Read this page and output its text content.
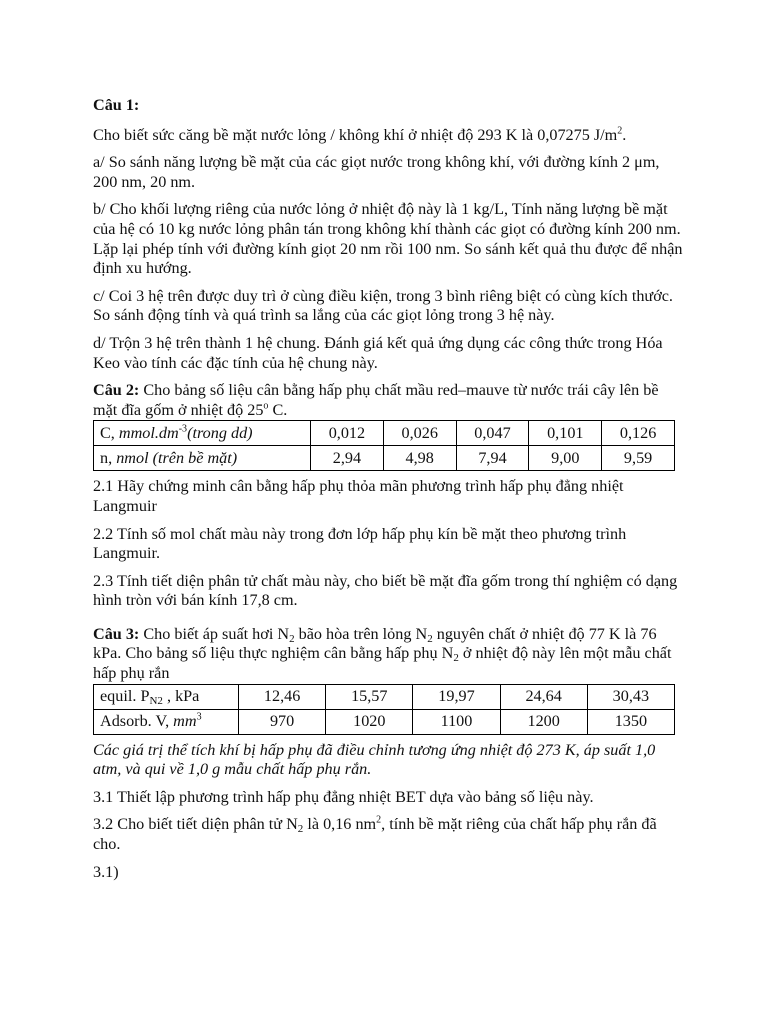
Câu 1:

Cho biết sức căng bề mặt nước lỏng / không khí ở nhiệt độ 293 K là 0,07275 $J/m^2$.

a/ So sánh năng lượng bề mặt của các giọt nước trong không khí, với đường kính 2 μm, 200 nm, 20 nm.

b/ Cho khối lượng riêng của nước lỏng ở nhiệt độ này là 1 kg/L, Tính năng lượng bề mặt của hệ có 10 kg nước lỏng phân tán trong không khí thành các giọt có đường kính 200 nm. Lặp lại phép tính với đường kính giọt 20 nm rồi 100 nm. So sánh kết quả thu được để nhận định xu hướng.

c/ Coi 3 hệ trên được duy trì ở cùng điều kiện, trong 3 bình riêng biệt có cùng kích thước. So sánh động tính và quá trình sa lắng của các giọt lỏng trong 3 hệ này.

d/ Trộn 3 hệ trên thành 1 hệ chung. Đánh giá kết quả ứng dụng các công thức trong Hóa Keo vào tính các đặc tính của hệ chung này.

Câu 2: Cho bảng số liệu cân bằng hấp phụ chất mầu red–mauve từ nước trái cây lên bề mặt đĩa gốm ở nhiệt độ 25$^o$ C.

C, $mmol.dm^{-3}(trong$ dd)	0,012	0,026	0,047	0,101	0,126
n, nmol (trên bề mặt)	2,94	4,98	7,94	9,00	9,59

2.1 Hãy chứng minh cân bằng hấp phụ thỏa mãn phương trình hấp phụ đẳng nhiệt Langmuir

2.2 Tính số mol chất màu này trong đơn lớp hấp phụ kín bề mặt theo phương trình Langmuir.

2.3 Tính tiết diện phân tử chất màu này, cho biết bề mặt đĩa gốm trong thí nghiệm có dạng hình tròn với bán kính 17,8 cm.

Câu 3: Cho biết áp suất hơi $N_2$ bão hòa trên lỏng $N_2$ nguyên chất ở nhiệt độ 77 K là 76 kPa. Cho bảng số liệu thực nghiệm cân bằng hấp phụ $N_2$ ở nhiệt độ này lên một mẫu chất hấp phụ rắn

equil. $P_{N2}$ , kPa	12,46	15,57	19,97	24,64	30,43
Adsorb. V, $mm^3$	970	1020	1100	1200	1350

Các giá trị thể tích khí bị hấp phụ đã điều chỉnh tương ứng nhiệt độ 273 K, áp suất 1,0 atm, và qui về 1,0 g mẫu chất hấp phụ rắn.

3.1 Thiết lập phương trình hấp phụ đẳng nhiệt BET dựa vào bảng số liệu này.

3.2 Cho biết tiết diện phân tử $N_2$ là 0,16 $nm^2$, tính bề mặt riêng của chất hấp phụ rắn đã cho.

3.1)
